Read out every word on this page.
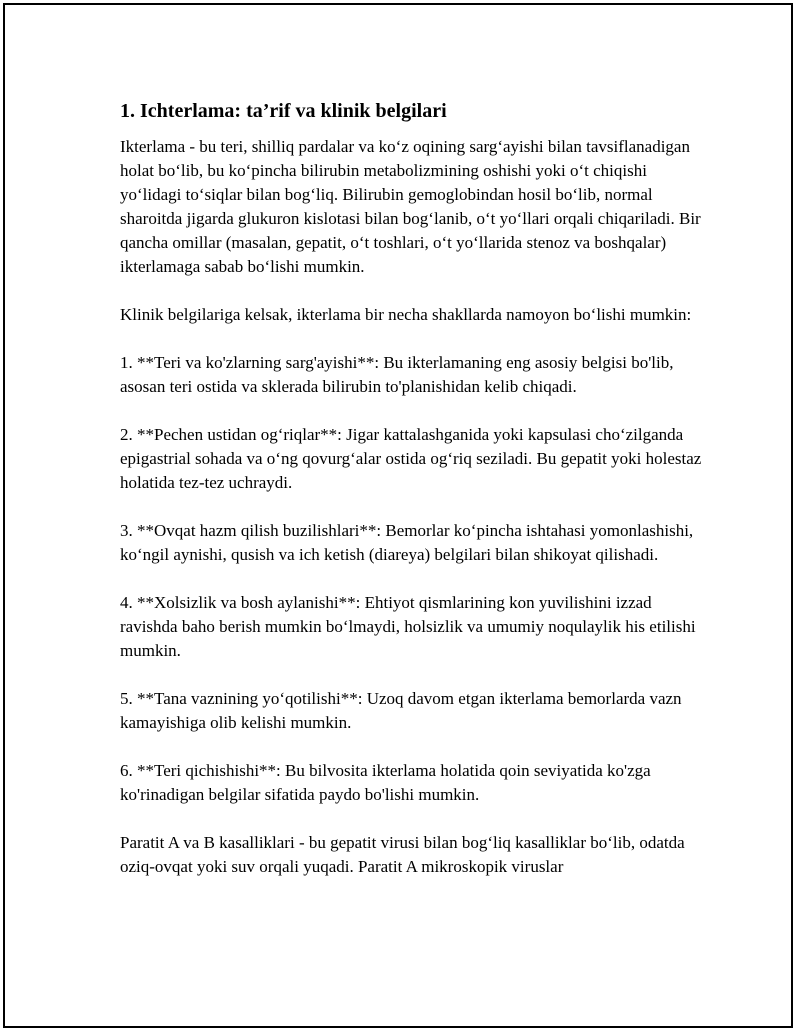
1. Ichterlama: ta’rif va klinik belgilari

Ikterlama - bu teri, shilliq pardalar va ko‘z oqining sarg‘ayishi bilan tavsiflanadigan holat bo‘lib, bu ko‘pincha bilirubin metabolizmining oshishi yoki o‘t chiqishi yo‘lidagi to‘siqlar bilan bog‘liq. Bilirubin gemoglobindan hosil bo‘lib, normal sharoitda jigarda glukuron kislotasi bilan bog‘lanib, o‘t yo‘llari orqali chiqariladi. Bir qancha omillar (masalan, gepatit, o‘t toshlari, o‘t yo‘llarida stenoz va boshqalar) ikterlamaga sabab bo‘lishi mumkin.

Klinik belgilariga kelsak, ikterlama bir necha shakllarda namoyon bo‘lishi mumkin:

1. **Teri va ko'zlarning sarg'ayishi**: Bu ikterlamaning eng asosiy belgisi bo'lib, asosan teri ostida va sklerada bilirubin to'planishidan kelib chiqadi.

2. **Pechen ustidan og‘riqlar**: Jigar kattalashganida yoki kapsulasi cho‘zilganda epigastrial sohada va o‘ng qovurg‘alar ostida og‘riq seziladi. Bu gepatit yoki holestaz holatida tez-tez uchraydi.

3. **Ovqat hazm qilish buzilishlari**: Bemorlar ko‘pincha ishtahasi yomonlashishi, ko‘ngil aynishi, qusish va ich ketish (diareya) belgilari bilan shikoyat qilishadi.

4. **Xolsizlik va bosh aylanishi**: Ehtiyot qismlarining kon yuvilishini izzad ravishda baho berish mumkin bo‘lmaydi, holsizlik va umumiy noqulaylik his etilishi mumkin.

5. **Tana vaznining yo‘qotilishi**: Uzoq davom etgan ikterlama bemorlarda vazn kamayishiga olib kelishi mumkin.

6. **Teri qichishishi**: Bu bilvosita ikterlama holatida qoin seviyatida ko'zga ko'rinadigan belgilar sifatida paydo bo'lishi mumkin.

Paratit A va B kasalliklari - bu gepatit virusi bilan bog‘liq kasalliklar bo‘lib, odatda oziq-ovqat yoki suv orqali yuqadi. Paratit A mikroskopik viruslar
